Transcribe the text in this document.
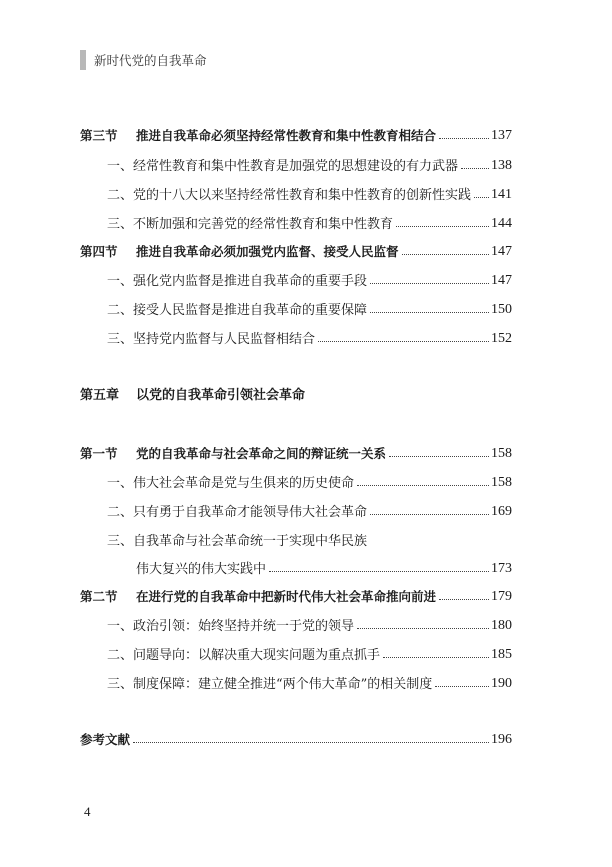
新时代党的自我革命
第三节 推进自我革命必须坚持经常性教育和集中性教育相结合	137
一、经常性教育和集中性教育是加强党的思想建设的有力武器 138
二、党的十八大以来坚持经常性教育和集中性教育的创新性实践 141
三、不断加强和完善党的经常性教育和集中性教育	144
第四节 推进自我革命必须加强党内监督、接受人民监督	147
一、强化党内监督是推进自我革命的重要手段	147
二、接受人民监督是推进自我革命的重要保障	150
三、坚持党内监督与人民监督相结合	152
第五章 以党的自我革命引领社会革命
第一节 党的自我革命与社会革命之间的辩证统一关系	158
一、伟大社会革命是党与生俱来的历史使命	158
二、只有勇于自我革命才能领导伟大社会革命	169
三、自我革命与社会革命统一于实现中华民族
伟大复兴的伟大实践中	173
第二节 在进行党的自我革命中把新时代伟大社会革命推向前进	179
一、政治引领：始终坚持并统一于党的领导	180
二、问题导向：以解决重大现实问题为重点抓手	185
三、制度保障：建立健全推进“两个伟大革命”的相关制度	190
参考文献	196
4
